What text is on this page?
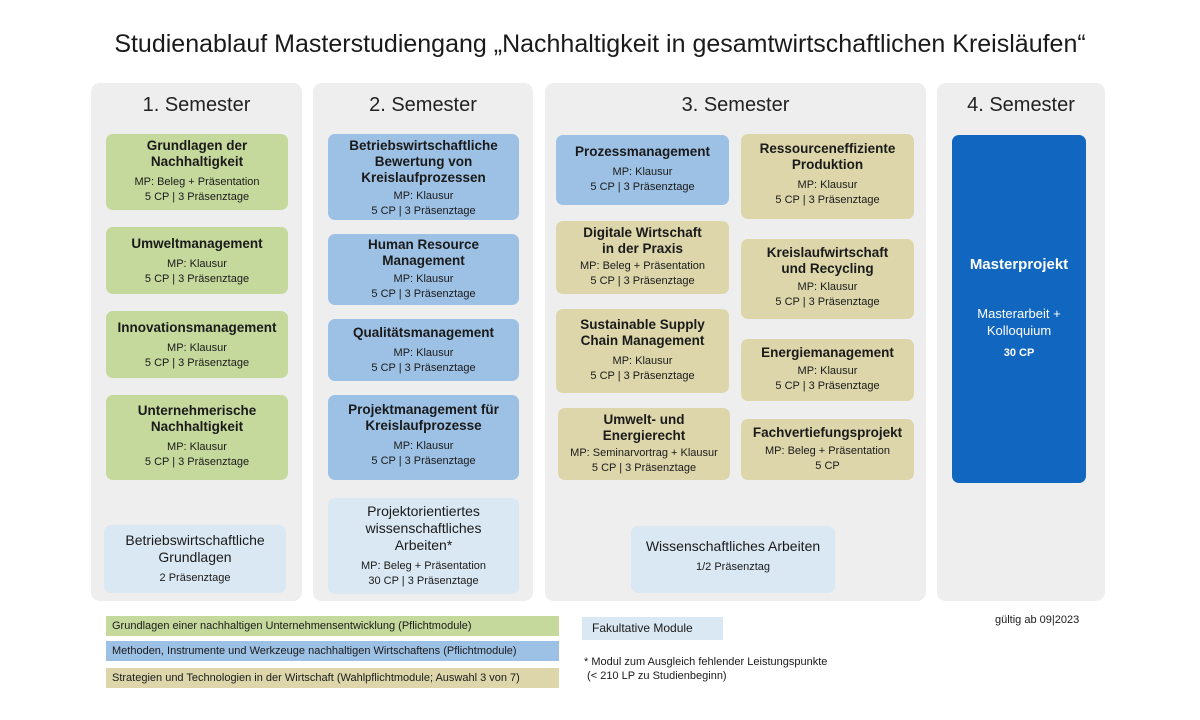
Studienablauf Masterstudiengang „Nachhaltigkeit in gesamtwirtschaftlichen Kreisläufen“
1. Semester
Grundlagen der Nachhaltigkeit
MP: Beleg + Präsentation
5 CP | 3 Präsenztage
Umweltmanagement
MP: Klausur
5 CP | 3 Präsenztage
Innovationsmanagement
MP: Klausur
5 CP | 3 Präsenztage
Unternehmerische Nachhaltigkeit
MP: Klausur
5 CP | 3 Präsenztage
Betriebswirtschaftliche Grundlagen
2 Präsenztage
2. Semester
Betriebswirtschaftliche Bewertung von Kreislaufprozessen
MP: Klausur
5 CP | 3 Präsenztage
Human Resource Management
MP: Klausur
5 CP | 3 Präsenztage
Qualitätsmanagement
MP: Klausur
5 CP | 3 Präsenztage
Projektmanagement für Kreislaufprozesse
MP: Klausur
5 CP | 3 Präsenztage
Projektorientiertes wissenschaftliches Arbeiten*
MP: Beleg + Präsentation
30 CP | 3 Präsenztage
3. Semester
Prozessmanagement
MP: Klausur
5 CP | 3 Präsenztage
Digitale Wirtschaft in der Praxis
MP: Beleg + Präsentation
5 CP | 3 Präsenztage
Sustainable Supply Chain Management
MP: Klausur
5 CP | 3 Präsenztage
Umwelt- und Energierecht
MP: Seminarvortrag + Klausur
5 CP | 3 Präsenztage
Ressourceneffiziente Produktion
MP: Klausur
5 CP | 3 Präsenztage
Kreislaufwirtschaft und Recycling
MP: Klausur
5 CP | 3 Präsenztage
Energiemanagement
MP: Klausur
5 CP | 3 Präsenztage
Fachvertiefungsprojekt
MP: Beleg + Präsentation
5 CP
Wissenschaftliches Arbeiten
1/2 Präsenztag
4. Semester
Masterprojekt
Masterarbeit + Kolloquium
30 CP
Grundlagen einer nachhaltigen Unternehmensentwicklung (Pflichtmodule)
Methoden, Instrumente und Werkzeuge nachhaltigen Wirtschaftens (Pflichtmodule)
Strategien und Technologien in der Wirtschaft (Wahlpflichtmodule; Auswahl 3 von 7)
Fakultative Module
* Modul zum Ausgleich fehlender Leistungspunkte
(< 210 LP zu Studienbeginn)
gültig ab 09|2023
